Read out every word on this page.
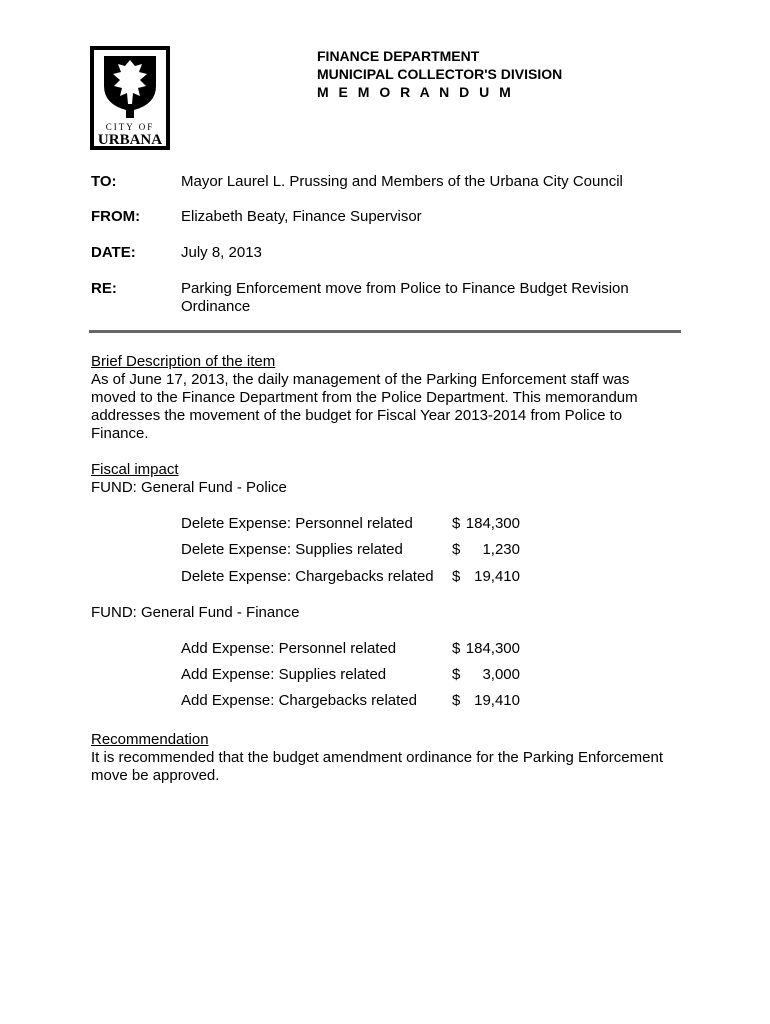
CITY OF
URBANA
FINANCE DEPARTMENT
MUNICIPAL COLLECTOR'S DIVISION
M E M O R A N D U M
TO:	Mayor Laurel L. Prussing and Members of the Urbana City Council
FROM:	Elizabeth Beaty, Finance Supervisor
DATE:	July 8, 2013
RE:	Parking Enforcement move from Police to Finance Budget Revision Ordinance
Brief Description of the item
As of June 17, 2013, the daily management of the Parking Enforcement staff was moved to the Finance Department from the Police Department. This memorandum addresses the movement of the budget for Fiscal Year 2013-2014 from Police to Finance.
Fiscal impact
FUND: General Fund - Police
Delete Expense: Personnel related	$ 184,300
Delete Expense: Supplies related	$	1,230
Delete Expense: Chargebacks related $ 19,410
FUND: General Fund - Finance
Add Expense: Personnel related	$ 184,300
Add Expense: Supplies related	$	3,000
Add Expense: Chargebacks related $ 19,410
Recommendation
It is recommended that the budget amendment ordinance for the Parking Enforcement move be approved.
